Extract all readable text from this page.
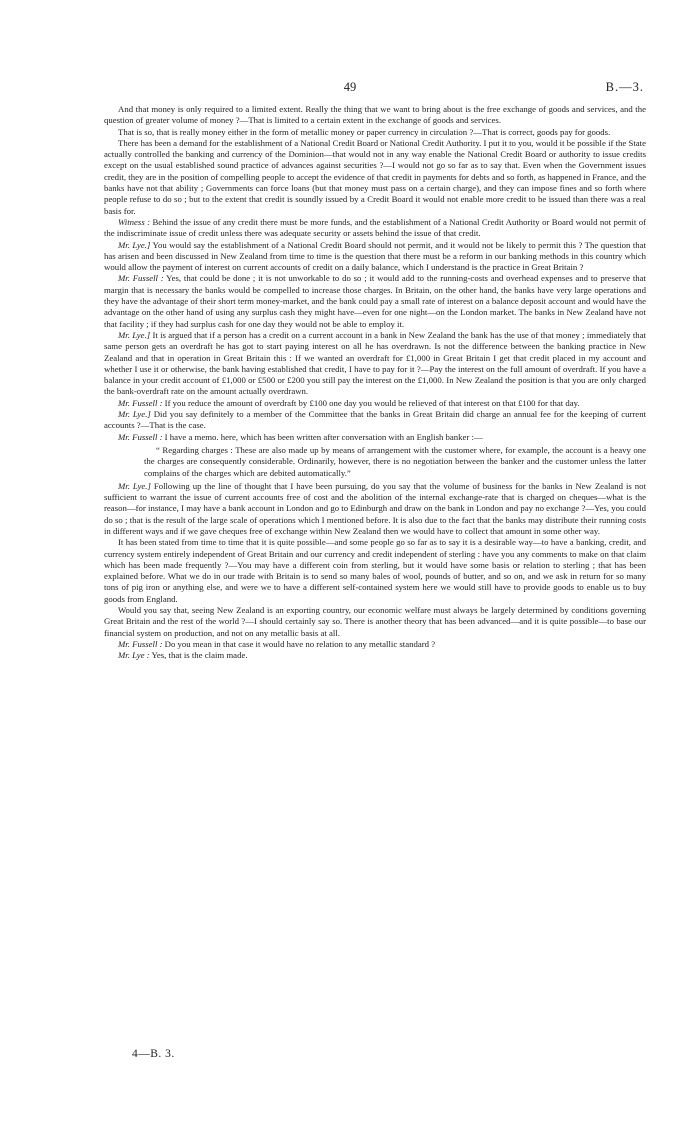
49	B.—3.

And that money is only required to a limited extent. Really the thing that we want to bring about is the free exchange of goods and services, and the question of greater volume of money ?—That is limited to a certain extent in the exchange of goods and services.

That is so, that is really money either in the form of metallic money or paper currency in circulation ?—That is correct, goods pay for goods.

There has been a demand for the establishment of a National Credit Board or National Credit Authority. I put it to you, would it be possible if the State actually controlled the banking and currency of the Dominion—that would not in any way enable the National Credit Board or authority to issue credits except on the usual established sound practice of advances against securities ?—I would not go so far as to say that. Even when the Government issues credit, they are in the position of compelling people to accept the evidence of that credit in payments for debts and so forth, as happened in France, and the banks have not that ability ; Governments can force loans (but that money must pass on a certain charge), and they can impose fines and so forth where people refuse to do so ; but to the extent that credit is soundly issued by a Credit Board it would not enable more credit to be issued than there was a real basis for.

Witness : Behind the issue of any credit there must be more funds, and the establishment of a National Credit Authority or Board would not permit of the indiscriminate issue of credit unless there was adequate security or assets behind the issue of that credit.

Mr. Lye.] You would say the establishment of a National Credit Board should not permit, and it would not be likely to permit this ? The question that has arisen and been discussed in New Zealand from time to time is the question that there must be a reform in our banking methods in this country which would allow the payment of interest on current accounts of credit on a daily balance, which I understand is the practice in Great Britain ?

Mr. Fussell : Yes, that could be done ; it is not unworkable to do so ; it would add to the running-costs and overhead expenses and to preserve that margin that is necessary the banks would be compelled to increase those charges. In Britain, on the other hand, the banks have very large operations and they have the advantage of their short term money-market, and the bank could pay a small rate of interest on a balance deposit account and would have the advantage on the other hand of using any surplus cash they might have—even for one night—on the London market. The banks in New Zealand have not that facility ; if they had surplus cash for one day they would not be able to employ it.

Mr. Lye.] It is argued that if a person has a credit on a current account in a bank in New Zealand the bank has the use of that money ; immediately that same person gets an overdraft he has got to start paying interest on all he has overdrawn. Is not the difference between the banking practice in New Zealand and that in operation in Great Britain this : If we wanted an overdraft for £1,000 in Great Britain I get that credit placed in my account and whether I use it or otherwise, the bank having established that credit, I have to pay for it ?—Pay the interest on the full amount of overdraft. If you have a balance in your credit account of £1,000 or £500 or £200 you still pay the interest on the £1,000. In New Zealand the position is that you are only charged the bank-overdraft rate on the amount actually overdrawn.

Mr. Fussell : If you reduce the amount of overdraft by £100 one day you would be relieved of that interest on that £100 for that day.

Mr. Lye.] Did you say definitely to a member of the Committee that the banks in Great Britain did charge an annual fee for the keeping of current accounts ?—That is the case.

Mr. Fussell : I have a memo. here, which has been written after conversation with an English banker :—

“ Regarding charges : These are also made up by means of arrangement with the customer where, for example, the account is a heavy one the charges are consequently considerable. Ordinarily, however, there is no negotiation between the banker and the customer unless the latter complains of the charges which are debited automatically.”

Mr. Lye.] Following up the line of thought that I have been pursuing, do you say that the volume of business for the banks in New Zealand is not sufficient to warrant the issue of current accounts free of cost and the abolition of the internal exchange-rate that is charged on cheques—what is the reason—for instance, I may have a bank account in London and go to Edinburgh and draw on the bank in London and pay no exchange ?—Yes, you could do so ; that is the result of the large scale of operations which I mentioned before. It is also due to the fact that the banks may distribute their running costs in different ways and if we gave cheques free of exchange within New Zealand then we would have to collect that amount in some other way.

It has been stated from time to time that it is quite possible—and some people go so far as to say it is a desirable way—to have a banking, credit, and currency system entirely independent of Great Britain and our currency and credit independent of sterling : have you any comments to make on that claim which has been made frequently ?—You may have a different coin from sterling, but it would have some basis or relation to sterling ; that has been explained before. What we do in our trade with Britain is to send so many bales of wool, pounds of butter, and so on, and we ask in return for so many tons of pig iron or anything else, and were we to have a different self-contained system here we would still have to provide goods to enable us to buy goods from England.

Would you say that, seeing New Zealand is an exporting country, our economic welfare must always be largely determined by conditions governing Great Britain and the rest of the world ?—I should certainly say so. There is another theory that has been advanced—and it is quite possible—to base our financial system on production, and not on any metallic basis at all.

Mr. Fussell : Do you mean in that case it would have no relation to any metallic standard ?

Mr. Lye : Yes, that is the claim made.

4—B. 3.
